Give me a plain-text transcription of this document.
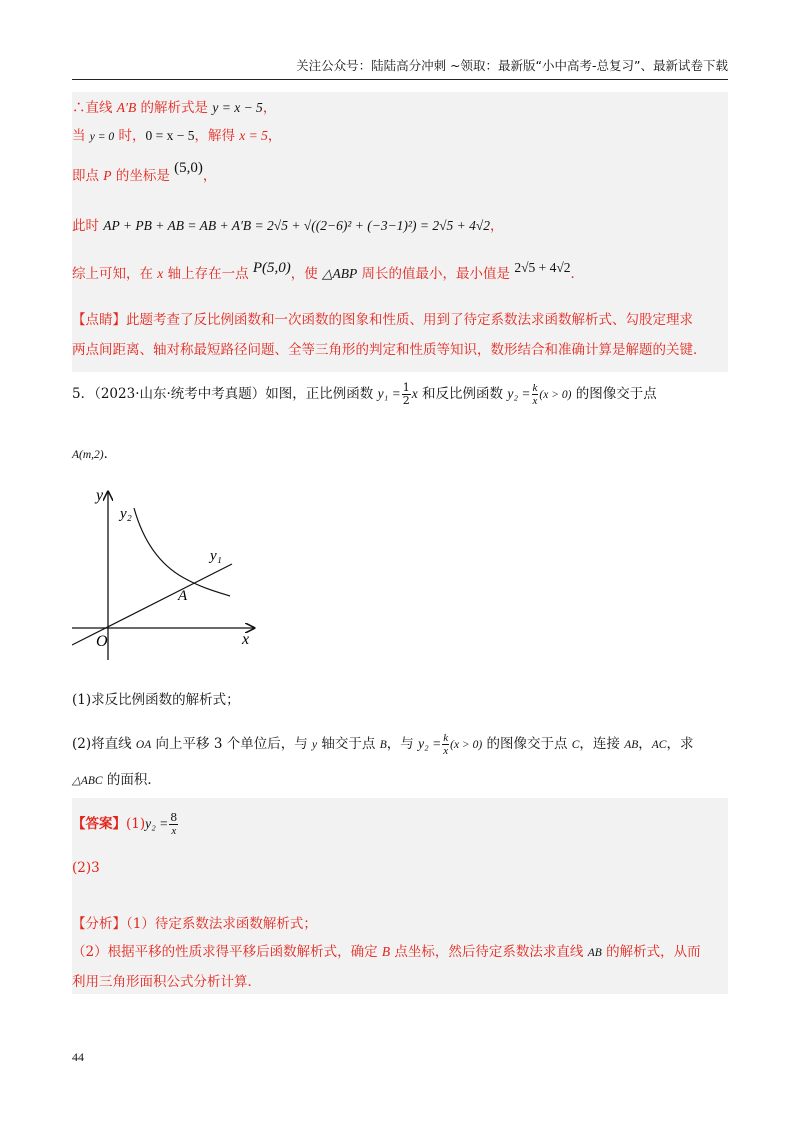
关注公众号：陆陆高分冲刺 ~领取：最新版“小中高考-总复习”、最新试卷下载
∴直线 A′B 的解析式是 y = x − 5，
当 y = 0 时，0 = x − 5，解得 x = 5，
即点 P 的坐标是 (5,0)，
此时 AP + PB + AB = AB + A′B = 2√5 + √((2−6)² + (−3−1)²) = 2√5 + 4√2，
综上可知，在 x 轴上存在一点 P(5,0)，使 △ABP 周长的值最小，最小值是 2√5 + 4√2．
【点睛】此题考查了反比例函数和一次函数的图象和性质、用到了待定系数法求函数解析式、勾股定理求
两点间距离、轴对称最短路径问题、全等三角形的判定和性质等知识，数形结合和准确计算是解题的关键．
5．（2023·山东·统考中考真题）如图，正比例函数 $y_1 = \frac{1}{2}$ x 和反比例函数 $y_2 = \frac{k}{x} (x > 0)$ 的图像交于点
A(m,2)．
y
x
O
A
y₁
y₂
(1)求反比例函数的解析式；
(2)将直线 OA 向上平移 3 个单位后，与 y 轴交于点 B，与 $y_2 = \frac{k}{x} (x > 0)$ 的图像交于点 C，连接 AB，AC，求
△ABC 的面积．
【答案】$(1)y_2 = \frac{8}{x}$
(2)3
【分析】（1）待定系数法求函数解析式；
（2）根据平移的性质求得平移后函数解析式，确定 B 点坐标，然后待定系数法求直线 AB 的解析式，从而
利用三角形面积公式分析计算．
44
